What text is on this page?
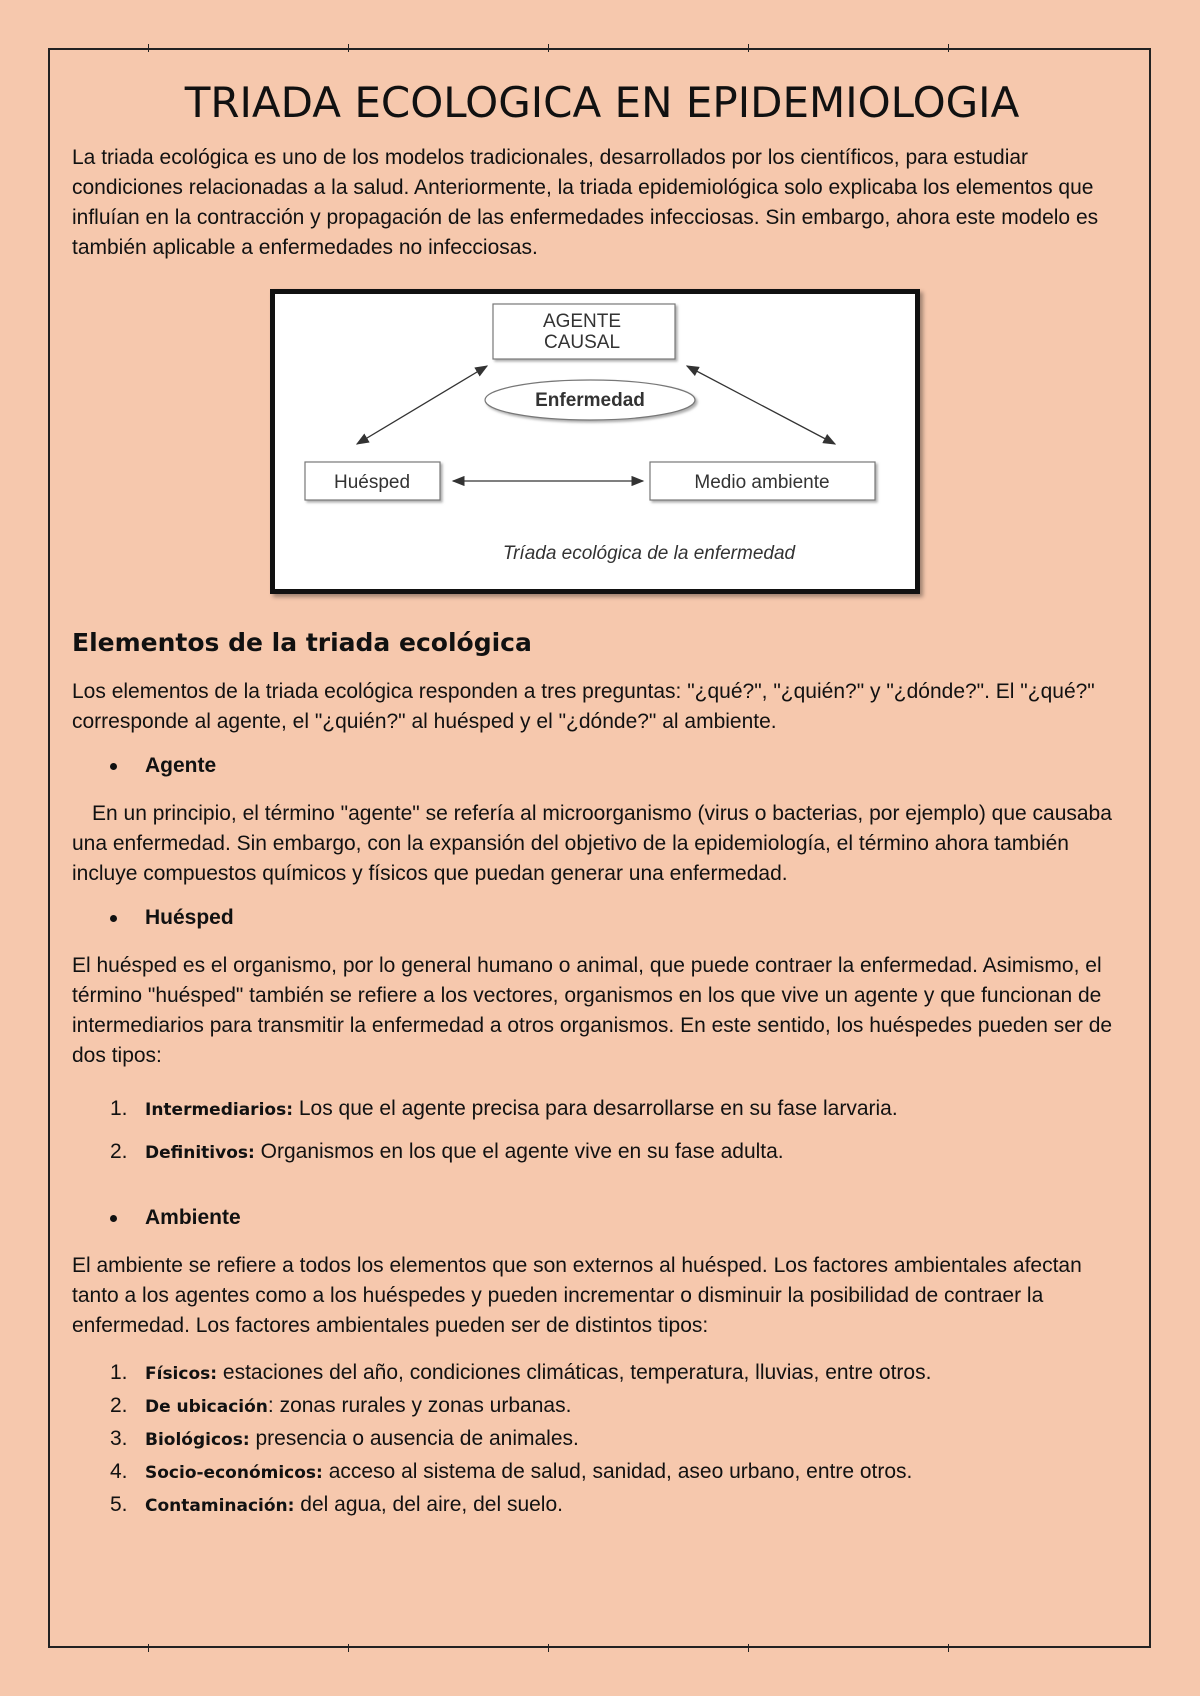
TRIADA ECOLOGICA EN EPIDEMIOLOGIA

La triada ecológica es uno de los modelos tradicionales, desarrollados por los científicos, para estudiar condiciones relacionadas a la salud. Anteriormente, la triada epidemiológica solo explicaba los elementos que influían en la contracción y propagación de las enfermedades infecciosas. Sin embargo, ahora este modelo es también aplicable a enfermedades no infecciosas.

AGENTE
CAUSAL
Enfermedad
Huésped	Medio ambiente
Tríada ecológica de la enfermedad
Elementos de la triada ecológica

Los elementos de la triada ecológica responden a tres preguntas: "¿qué?", "¿quién?" y "¿dónde?". El "¿qué?" corresponde al agente, el "¿quién?" al huésped y el "¿dónde?" al ambiente.

Agente

En un principio, el término "agente" se refería al microorganismo (virus o bacterias, por ejemplo) que causaba una enfermedad. Sin embargo, con la expansión del objetivo de la epidemiología, el término ahora también incluye compuestos químicos y físicos que puedan generar una enfermedad.

Huésped

El huésped es el organismo, por lo general humano o animal, que puede contraer la enfermedad. Asimismo, el término "huésped" también se refiere a los vectores, organismos en los que vive un agente y que funcionan de intermediarios para transmitir la enfermedad a otros organismos. En este sentido, los huéspedes pueden ser de dos tipos:

1. Intermediarios: Los que el agente precisa para desarrollarse en su fase larvaria.
2. Definitivos: Organismos en los que el agente vive en su fase adulta.
Ambiente

El ambiente se refiere a todos los elementos que son externos al huésped. Los factores ambientales afectan tanto a los agentes como a los huéspedes y pueden incrementar o disminuir la posibilidad de contraer la enfermedad. Los factores ambientales pueden ser de distintos tipos:

1. Físicos: estaciones del año, condiciones climáticas, temperatura, lluvias, entre otros.
2. De ubicación: zonas rurales y zonas urbanas.
3. Biológicos: presencia o ausencia de animales.
4. Socio-económicos: acceso al sistema de salud, sanidad, aseo urbano, entre otros.
5. Contaminación: del agua, del aire, del suelo.
